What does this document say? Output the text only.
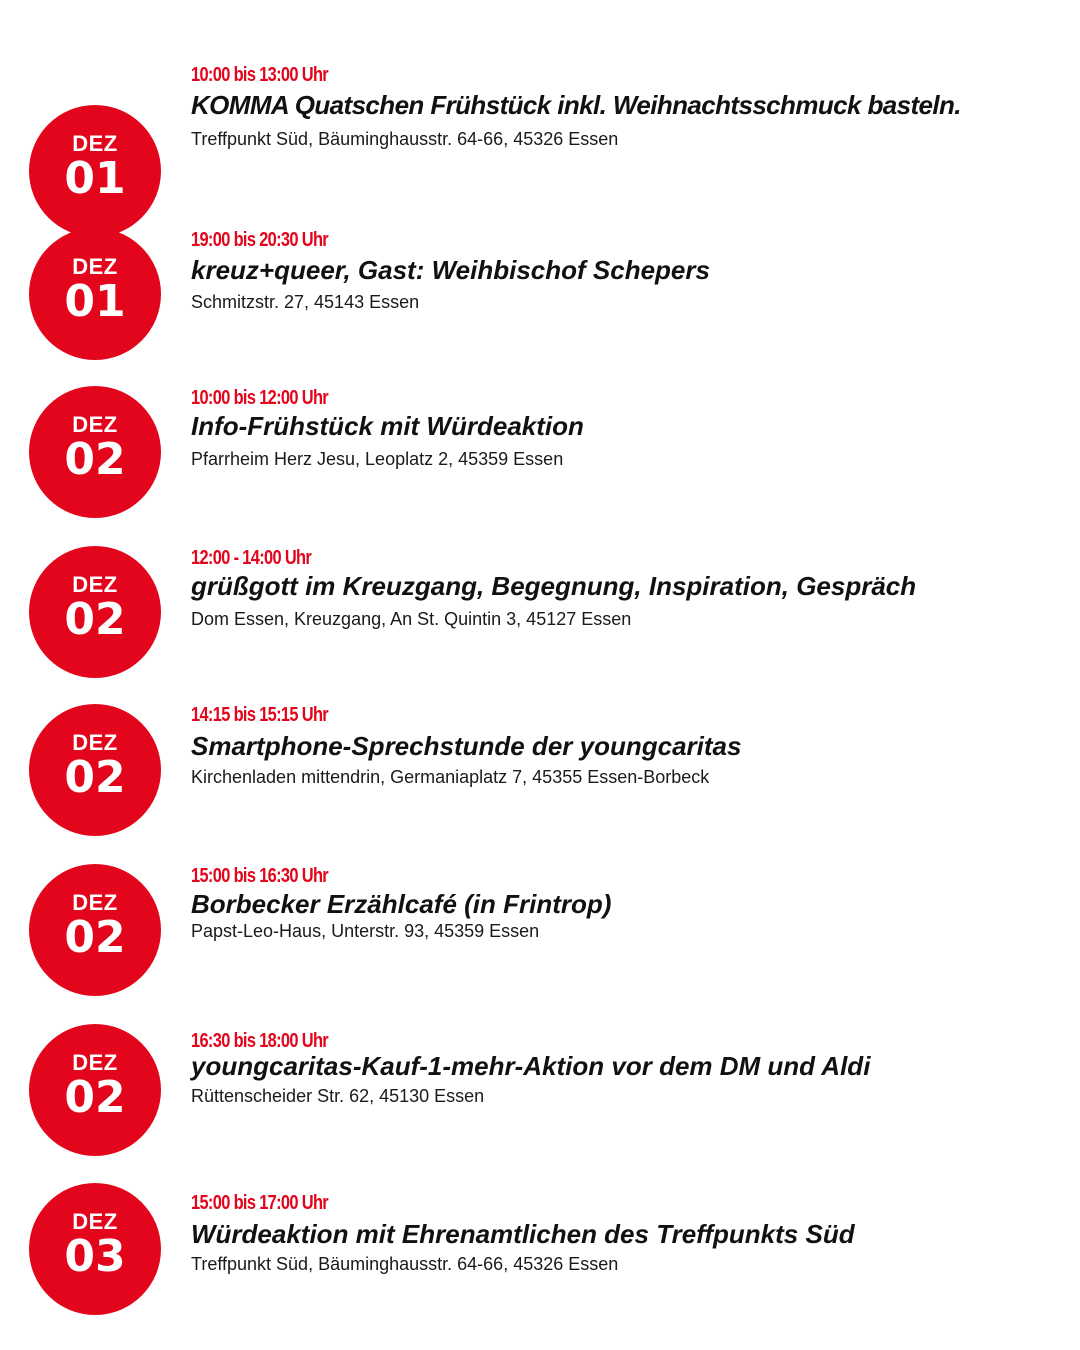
DEZ
01
10:00 bis 13:00 Uhr
KOMMA Quatschen Frühstück inkl. Weihnachtsschmuck basteln.
Treffpunkt Süd, Bäuminghausstr. 64-66, 45326 Essen
DEZ
01
19:00 bis 20:30 Uhr
kreuz+queer, Gast: Weihbischof Schepers
Schmitzstr. 27, 45143 Essen
DEZ
02
10:00 bis 12:00 Uhr
Info-Frühstück mit Würdeaktion
Pfarrheim Herz Jesu, Leoplatz 2, 45359 Essen
DEZ
02
12:00 - 14:00 Uhr
grüßgott im Kreuzgang, Begegnung, Inspiration, Gespräch
Dom Essen, Kreuzgang, An St. Quintin 3, 45127 Essen
DEZ
02
14:15 bis 15:15 Uhr
Smartphone-Sprechstunde der youngcaritas
Kirchenladen mittendrin, Germaniaplatz 7, 45355 Essen-Borbeck
DEZ
02
15:00 bis 16:30 Uhr
Borbecker Erzählcafé (in Frintrop)
Papst-Leo-Haus, Unterstr. 93, 45359 Essen
DEZ
02
16:30 bis 18:00 Uhr
youngcaritas-Kauf-1-mehr-Aktion vor dem DM und Aldi
Rüttenscheider Str. 62, 45130 Essen
DEZ
03
15:00 bis 17:00 Uhr
Würdeaktion mit Ehrenamtlichen des Treffpunkts Süd
Treffpunkt Süd, Bäuminghausstr. 64-66, 45326 Essen
